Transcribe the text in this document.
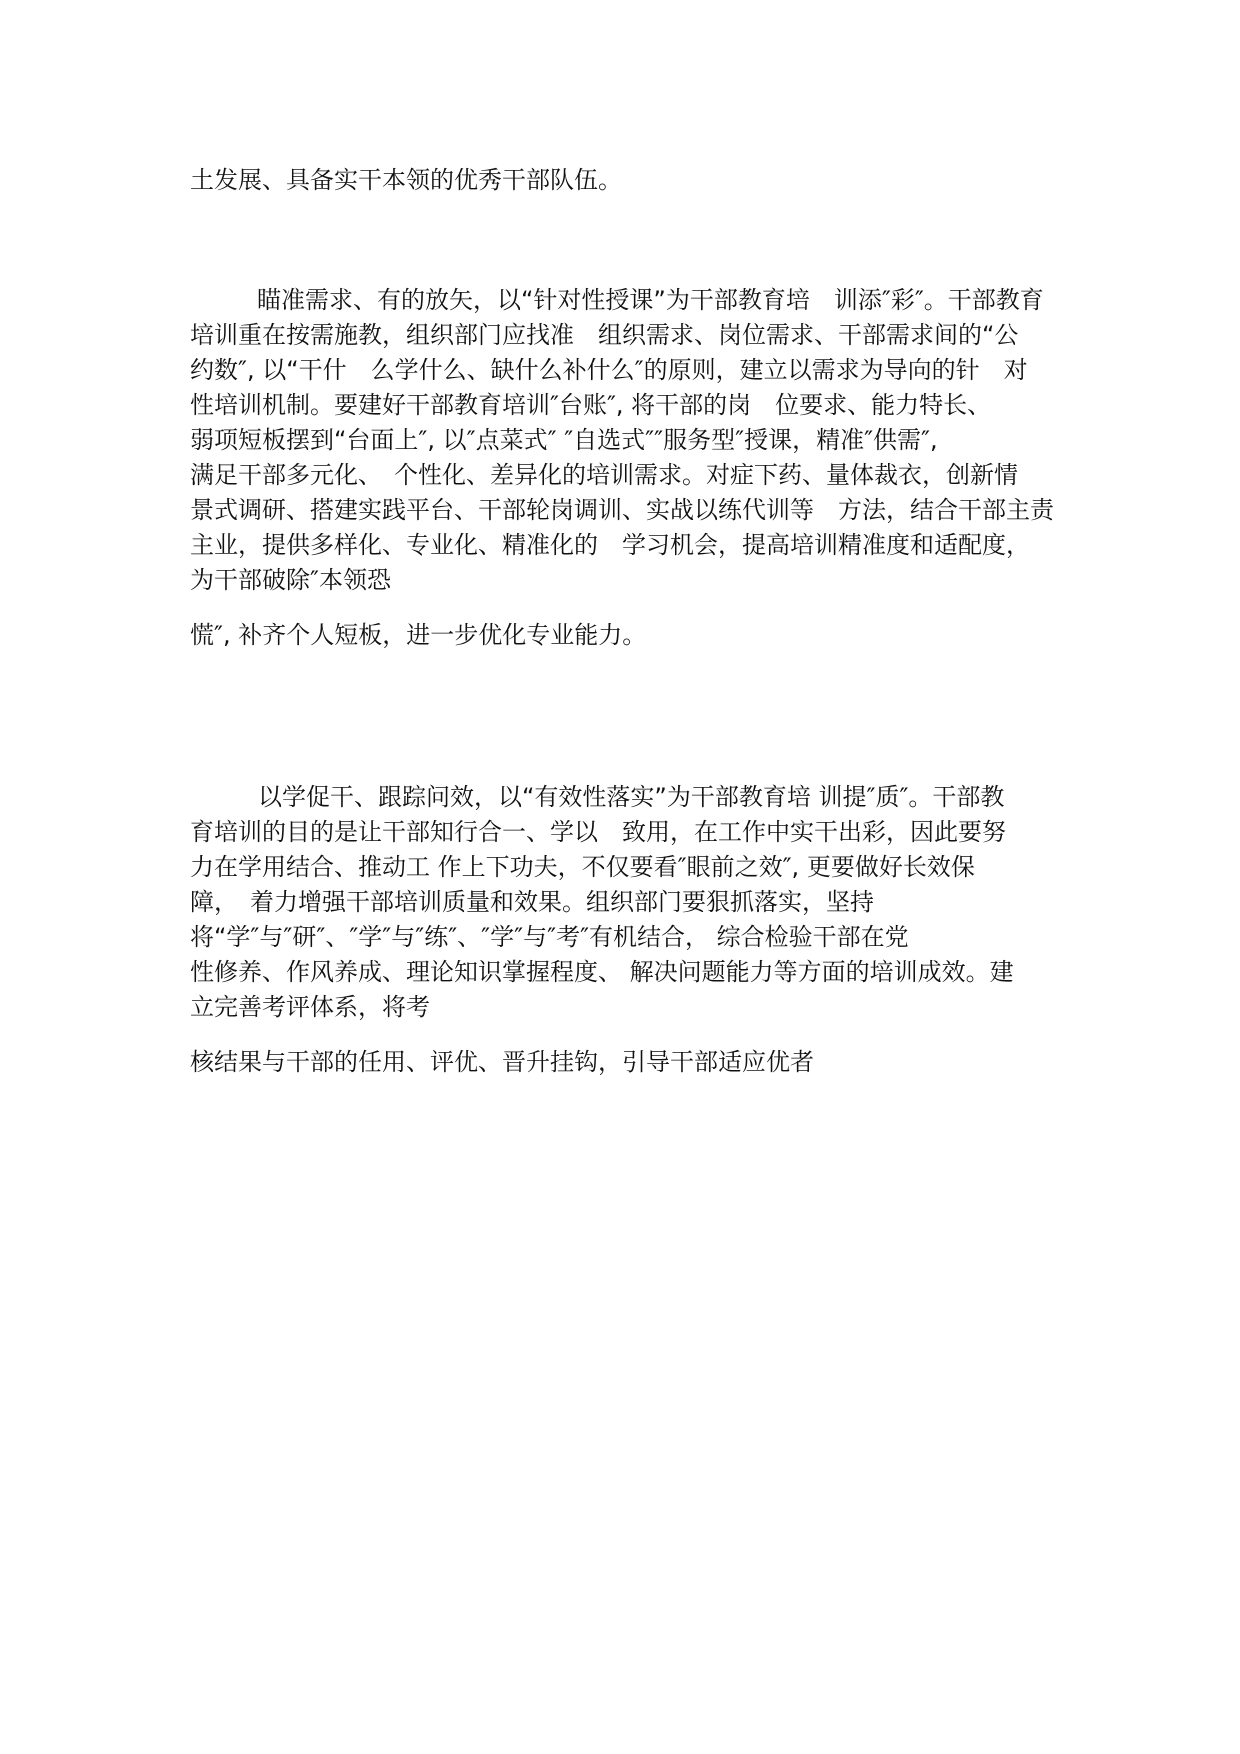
土发展、具备实干本领的优秀干部队伍。
瞄准需求、有的放矢，以“针对性授课”为干部教育培　训添″彩″。干部教育
培训重在按需施教，组织部门应找准　组织需求、岗位需求、干部需求间的“公
约数″, 以“干什　么学什么、缺什么补什么″的原则，建立以需求为导向的针　对
性培训机制。要建好干部教育培训″台账″, 将干部的岗　位要求、能力特长、
弱项短板摆到“台面上″, 以″点菜式″ ″自选式″″服务型″授课，精准″供需″,
满足干部多元化、　个性化、差异化的培训需求。对症下药、量体裁衣，创新情
景式调研、搭建实践平台、干部轮岗调训、实战以练代训等　方法，结合干部主责
主业，提供多样化、专业化、精准化的　学习机会，提高培训精准度和适配度，
为干部破除″本领恐
慌″, 补齐个人短板，进一步优化专业能力。
以学促干、跟踪问效，以“有效性落实”为干部教育培 训提″质″。干部教
育培训的目的是让干部知行合一、学以　致用，在工作中实干出彩，因此要努
力在学用结合、推动工 作上下功夫，不仅要看″眼前之效″, 更要做好长效保
障，　着力增强干部培训质量和效果。组织部门要狠抓落实，坚持
将“学″与″研″、″学″与″练″、″学″与″考″有机结合， 综合检验干部在党
性修养、作风养成、理论知识掌握程度、 解决问题能力等方面的培训成效。建
立完善考评体系，将考
核结果与干部的任用、评优、晋升挂钩，引导干部适应优者
